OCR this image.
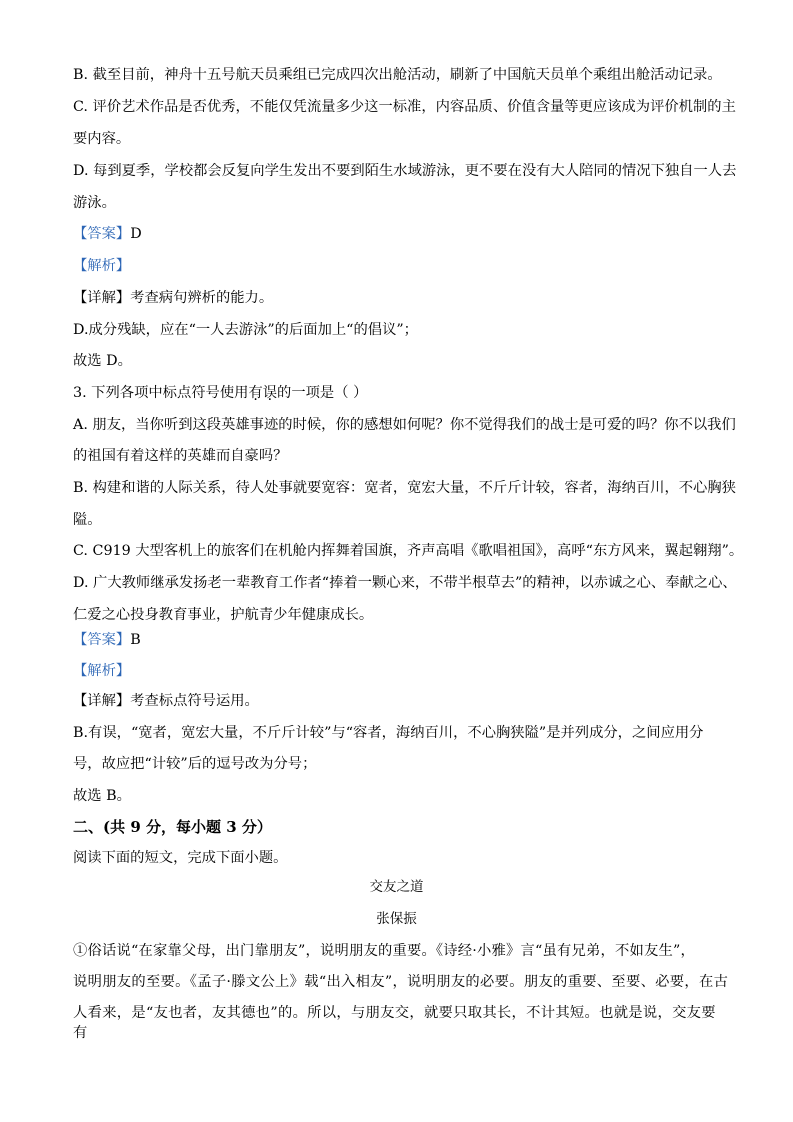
B. 截至目前，神舟十五号航天员乘组已完成四次出舱活动，刷新了中国航天员单个乘组出舱活动记录。
C. 评价艺术作品是否优秀，不能仅凭流量多少这一标准，内容品质、价值含量等更应该成为评价机制的主
要内容。
D. 每到夏季，学校都会反复向学生发出不要到陌生水域游泳，更不要在没有大人陪同的情况下独自一人去
游泳。
【答案】D
【解析】
【详解】考查病句辨析的能力。
D.成分残缺，应在“一人去游泳”的后面加上“的倡议”；
故选 D。
3. 下列各项中标点符号使用有误的一项是（ ）
A. 朋友，当你听到这段英雄事迹的时候，你的感想如何呢？你不觉得我们的战士是可爱的吗？你不以我们
的祖国有着这样的英雄而自豪吗？
B. 构建和谐的人际关系，待人处事就要宽容：宽者，宽宏大量，不斤斤计较，容者，海纳百川，不心胸狭
隘。
C. C919 大型客机上的旅客们在机舱内挥舞着国旗，齐声高唱《歌唱祖国》，高呼“东方风来，翼起翱翔”。
D. 广大教师继承发扬老一辈教育工作者“捧着一颗心来，不带半根草去”的精神，以赤诚之心、奉献之心、
仁爱之心投身教育事业，护航青少年健康成长。
【答案】B
【解析】
【详解】考查标点符号运用。
B.有误，“宽者，宽宏大量，不斤斤计较”与“容者，海纳百川，不心胸狭隘”是并列成分，之间应用分
号，故应把“计较”后的逗号改为分号；
故选 B。
二、(共 9 分，每小题 3 分）
阅读下面的短文，完成下面小题。
交友之道
张保振
①俗话说“在家靠父母，出门靠朋友”，说明朋友的重要。《诗经·小雅》言“虽有兄弟，不如友生”，
说明朋友的至要。《孟子·滕文公上》载“出入相友”，说明朋友的必要。朋友的重要、至要、必要，在古
人看来，是“友也者，友其德也”的。所以，与朋友交，就要只取其长，不计其短。也就是说，交友要有
